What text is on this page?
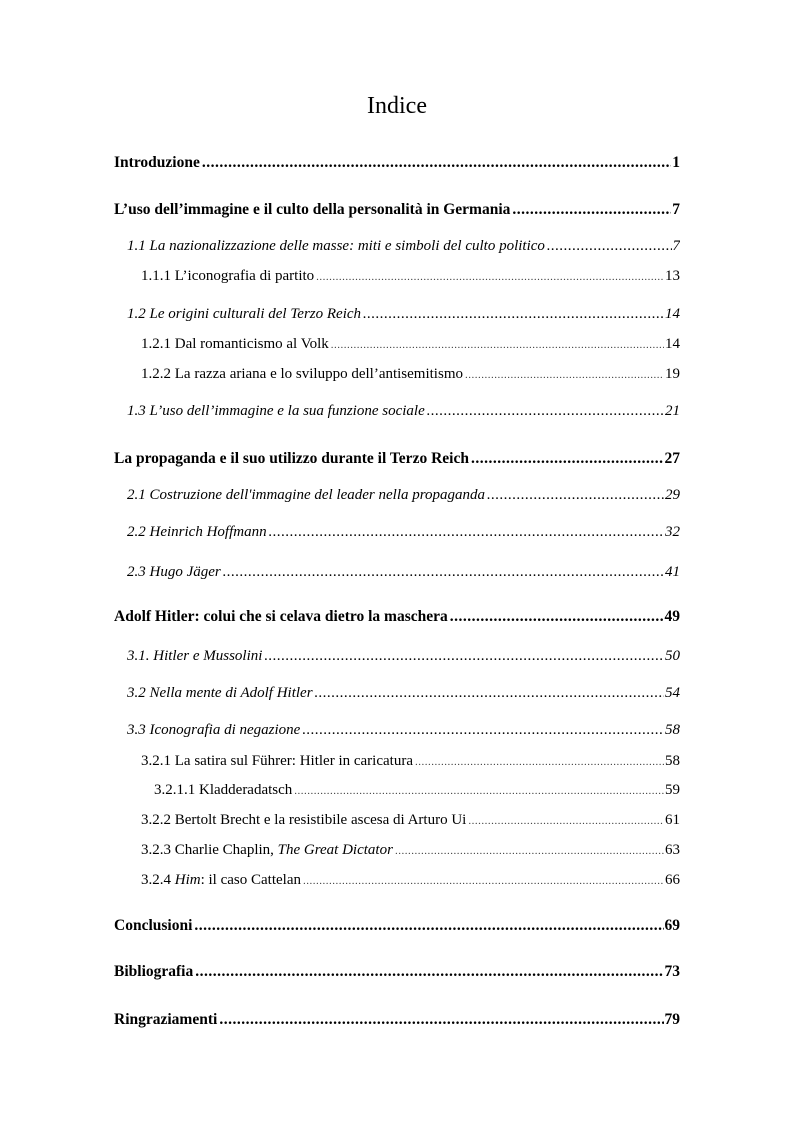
Indice
Introduzione .....	1
L’uso dell’immagine e il culto della personalità in Germania .....	7
1.1 La nazionalizzazione delle masse: miti e simboli del culto politico .....	7
1.1.1 L’iconografia di partito .....	13
1.2 Le origini culturali del Terzo Reich .....	14
1.2.1 Dal romanticismo al Volk .....	14
1.2.2 La razza ariana e lo sviluppo dell’antisemitismo .....	19
1.3 L’uso dell’immagine e la sua funzione sociale .....	21
La propaganda e il suo utilizzo durante il Terzo Reich .....	27
2.1 Costruzione dell'immagine del leader nella propaganda .....	29
2.2 Heinrich Hoffmann .....	32
2.3 Hugo Jäger .....	41
Adolf Hitler: colui che si celava dietro la maschera .....	49
3.1. Hitler e Mussolini .....	50
3.2 Nella mente di Adolf Hitler .....	54
3.3 Iconografia di negazione .....	58
3.2.1 La satira sul Führer: Hitler in caricatura .....	58
3.2.1.1 Kladderadatsch .....	59
3.2.2 Bertolt Brecht e la resistibile ascesa di Arturo Ui .....	61
3.2.3 Charlie Chaplin, The Great Dictator .....	63
3.2.4 Him: il caso Cattelan .....	66
Conclusioni .....	69
Bibliografia .....	73
Ringraziamenti .....	79
